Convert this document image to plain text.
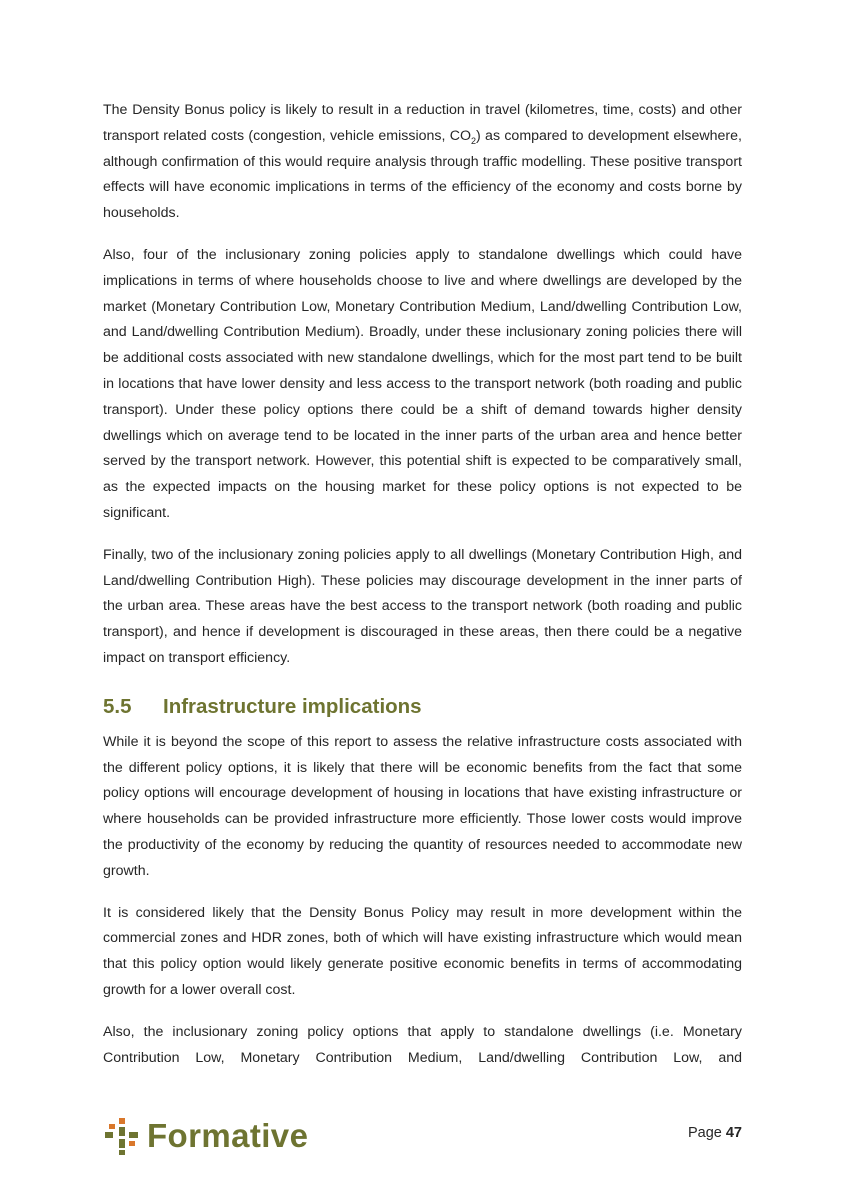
The Density Bonus policy is likely to result in a reduction in travel (kilometres, time, costs) and other transport related costs (congestion, vehicle emissions, $CO_2$) as compared to development elsewhere, although confirmation of this would require analysis through traffic modelling. These positive transport effects will have economic implications in terms of the efficiency of the economy and costs borne by households.

Also, four of the inclusionary zoning policies apply to standalone dwellings which could have implications in terms of where households choose to live and where dwellings are developed by the market (Monetary Contribution Low, Monetary Contribution Medium, Land/dwelling Contribution Low, and Land/dwelling Contribution Medium). Broadly, under these inclusionary zoning policies there will be additional costs associated with new standalone dwellings, which for the most part tend to be built in locations that have lower density and less access to the transport network (both roading and public transport). Under these policy options there could be a shift of demand towards higher density dwellings which on average tend to be located in the inner parts of the urban area and hence better served by the transport network. However, this potential shift is expected to be comparatively small, as the expected impacts on the housing market for these policy options is not expected to be significant.

Finally, two of the inclusionary zoning policies apply to all dwellings (Monetary Contribution High, and Land/dwelling Contribution High). These policies may discourage development in the inner parts of the urban area. These areas have the best access to the transport network (both roading and public transport), and hence if development is discouraged in these areas, then there could be a negative impact on transport efficiency.

5.5	Infrastructure implications

While it is beyond the scope of this report to assess the relative infrastructure costs associated with the different policy options, it is likely that there will be economic benefits from the fact that some policy options will encourage development of housing in locations that have existing infrastructure or where households can be provided infrastructure more efficiently. Those lower costs would improve the productivity of the economy by reducing the quantity of resources needed to accommodate new growth.

It is considered likely that the Density Bonus Policy may result in more development within the commercial zones and HDR zones, both of which will have existing infrastructure which would mean that this policy option would likely generate positive economic benefits in terms of accommodating growth for a lower overall cost.

Also, the inclusionary zoning policy options that apply to standalone dwellings (i.e. Monetary Contribution Low, Monetary Contribution Medium, Land/dwelling Contribution Low, and

Formative	Page 47
